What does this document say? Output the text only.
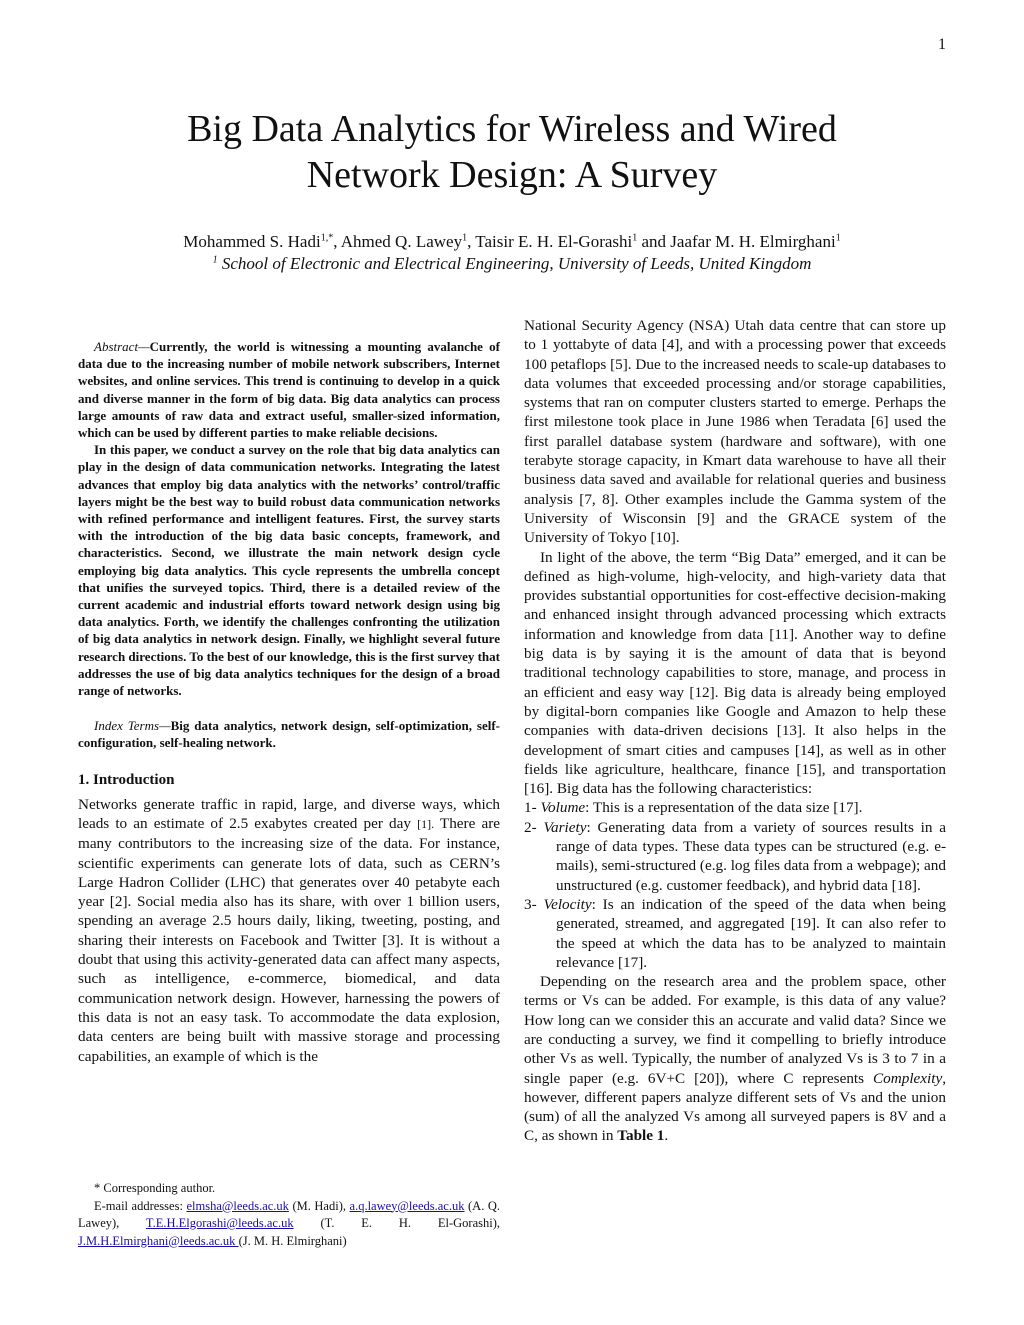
1
Big Data Analytics for Wireless and Wired
Network Design: A Survey
Mohammed S. Hadi$^{1,*}$, Ahmed Q. Lawey$^1$, Taisir E. H. El-Gorashi$^1$ and Jaafar M. H. Elmirghani$^1$
$^1$ School of Electronic and Electrical Engineering, University of Leeds, United Kingdom

Abstract—Currently, the world is witnessing a mounting avalanche of data due to the increasing number of mobile network subscribers, Internet websites, and online services. This trend is continuing to develop in a quick and diverse manner in the form of big data. Big data analytics can process large amounts of raw data and extract useful, smaller-sized information, which can be used by different parties to make reliable decisions.

In this paper, we conduct a survey on the role that big data analytics can play in the design of data communication networks. Integrating the latest advances that employ big data analytics with the networks’ control/traffic layers might be the best way to build robust data communication networks with refined performance and intelligent features. First, the survey starts with the introduction of the big data basic concepts, framework, and characteristics. Second, we illustrate the main network design cycle employing big data analytics. This cycle represents the umbrella concept that unifies the surveyed topics. Third, there is a detailed review of the current academic and industrial efforts toward network design using big data analytics. Forth, we identify the challenges confronting the utilization of big data analytics in network design. Finally, we highlight several future research directions. To the best of our knowledge, this is the first survey that addresses the use of big data analytics techniques for the design of a broad range of networks.

Index Terms—Big data analytics, network design, self-optimization, self-configuration, self-healing network.

1. Introduction

Networks generate traffic in rapid, large, and diverse ways, which leads to an estimate of 2.5 exabytes created per day [1]. There are many contributors to the increasing size of the data. For instance, scientific experiments can generate lots of data, such as CERN’s Large Hadron Collider (LHC) that generates over 40 petabyte each year [2]. Social media also has its share, with over 1 billion users, spending an average 2.5 hours daily, liking, tweeting, posting, and sharing their interests on Facebook and Twitter [3]. It is without a doubt that using this activity-generated data can affect many aspects, such as intelligence, e-commerce, biomedical, and data communication network design. However, harnessing the powers of this data is not an easy task. To accommodate the data explosion, data centers are being built with massive storage and processing capabilities, an example of which is the

* Corresponding author.
E-mail addresses: elmsha@leeds.ac.uk (M. Hadi), a.q.lawey@leeds.ac.uk (A. Q. Lawey), T.E.H.Elgorashi@leeds.ac.uk (T. E. H. El-Gorashi), J.M.H.Elmirghani@leeds.ac.uk (J. M. H. Elmirghani)

National Security Agency (NSA) Utah data centre that can store up to 1 yottabyte of data [4], and with a processing power that exceeds 100 petaflops [5]. Due to the increased needs to scale-up databases to data volumes that exceeded processing and/or storage capabilities, systems that ran on computer clusters started to emerge. Perhaps the first milestone took place in June 1986 when Teradata [6] used the first parallel database system (hardware and software), with one terabyte storage capacity, in Kmart data warehouse to have all their business data saved and available for relational queries and business analysis [7, 8]. Other examples include the Gamma system of the University of Wisconsin [9] and the GRACE system of the University of Tokyo [10].

In light of the above, the term “Big Data” emerged, and it can be defined as high-volume, high-velocity, and high-variety data that provides substantial opportunities for cost-effective decision-making and enhanced insight through advanced processing which extracts information and knowledge from data [11]. Another way to define big data is by saying it is the amount of data that is beyond traditional technology capabilities to store, manage, and process in an efficient and easy way [12]. Big data is already being employed by digital-born companies like Google and Amazon to help these companies with data-driven decisions [13]. It also helps in the development of smart cities and campuses [14], as well as in other fields like agriculture, healthcare, finance [15], and transportation [16]. Big data has the following characteristics:

1- Volume: This is a representation of the data size [17].
2- Variety: Generating data from a variety of sources results in a range of data types. These data types can be structured (e.g. e-mails), semi-structured (e.g. log files data from a webpage); and unstructured (e.g. customer feedback), and hybrid data [18].
3- Velocity: Is an indication of the speed of the data when being generated, streamed, and aggregated [19]. It can also refer to the speed at which the data has to be analyzed to maintain relevance [17].

Depending on the research area and the problem space, other terms or Vs can be added. For example, is this data of any value? How long can we consider this an accurate and valid data? Since we are conducting a survey, we find it compelling to briefly introduce other Vs as well. Typically, the number of analyzed Vs is 3 to 7 in a single paper (e.g. 6V+C [20]), where C represents Complexity, however, different papers analyze different sets of Vs and the union (sum) of all the analyzed Vs among all surveyed papers is 8V and a C, as shown in Table 1.
